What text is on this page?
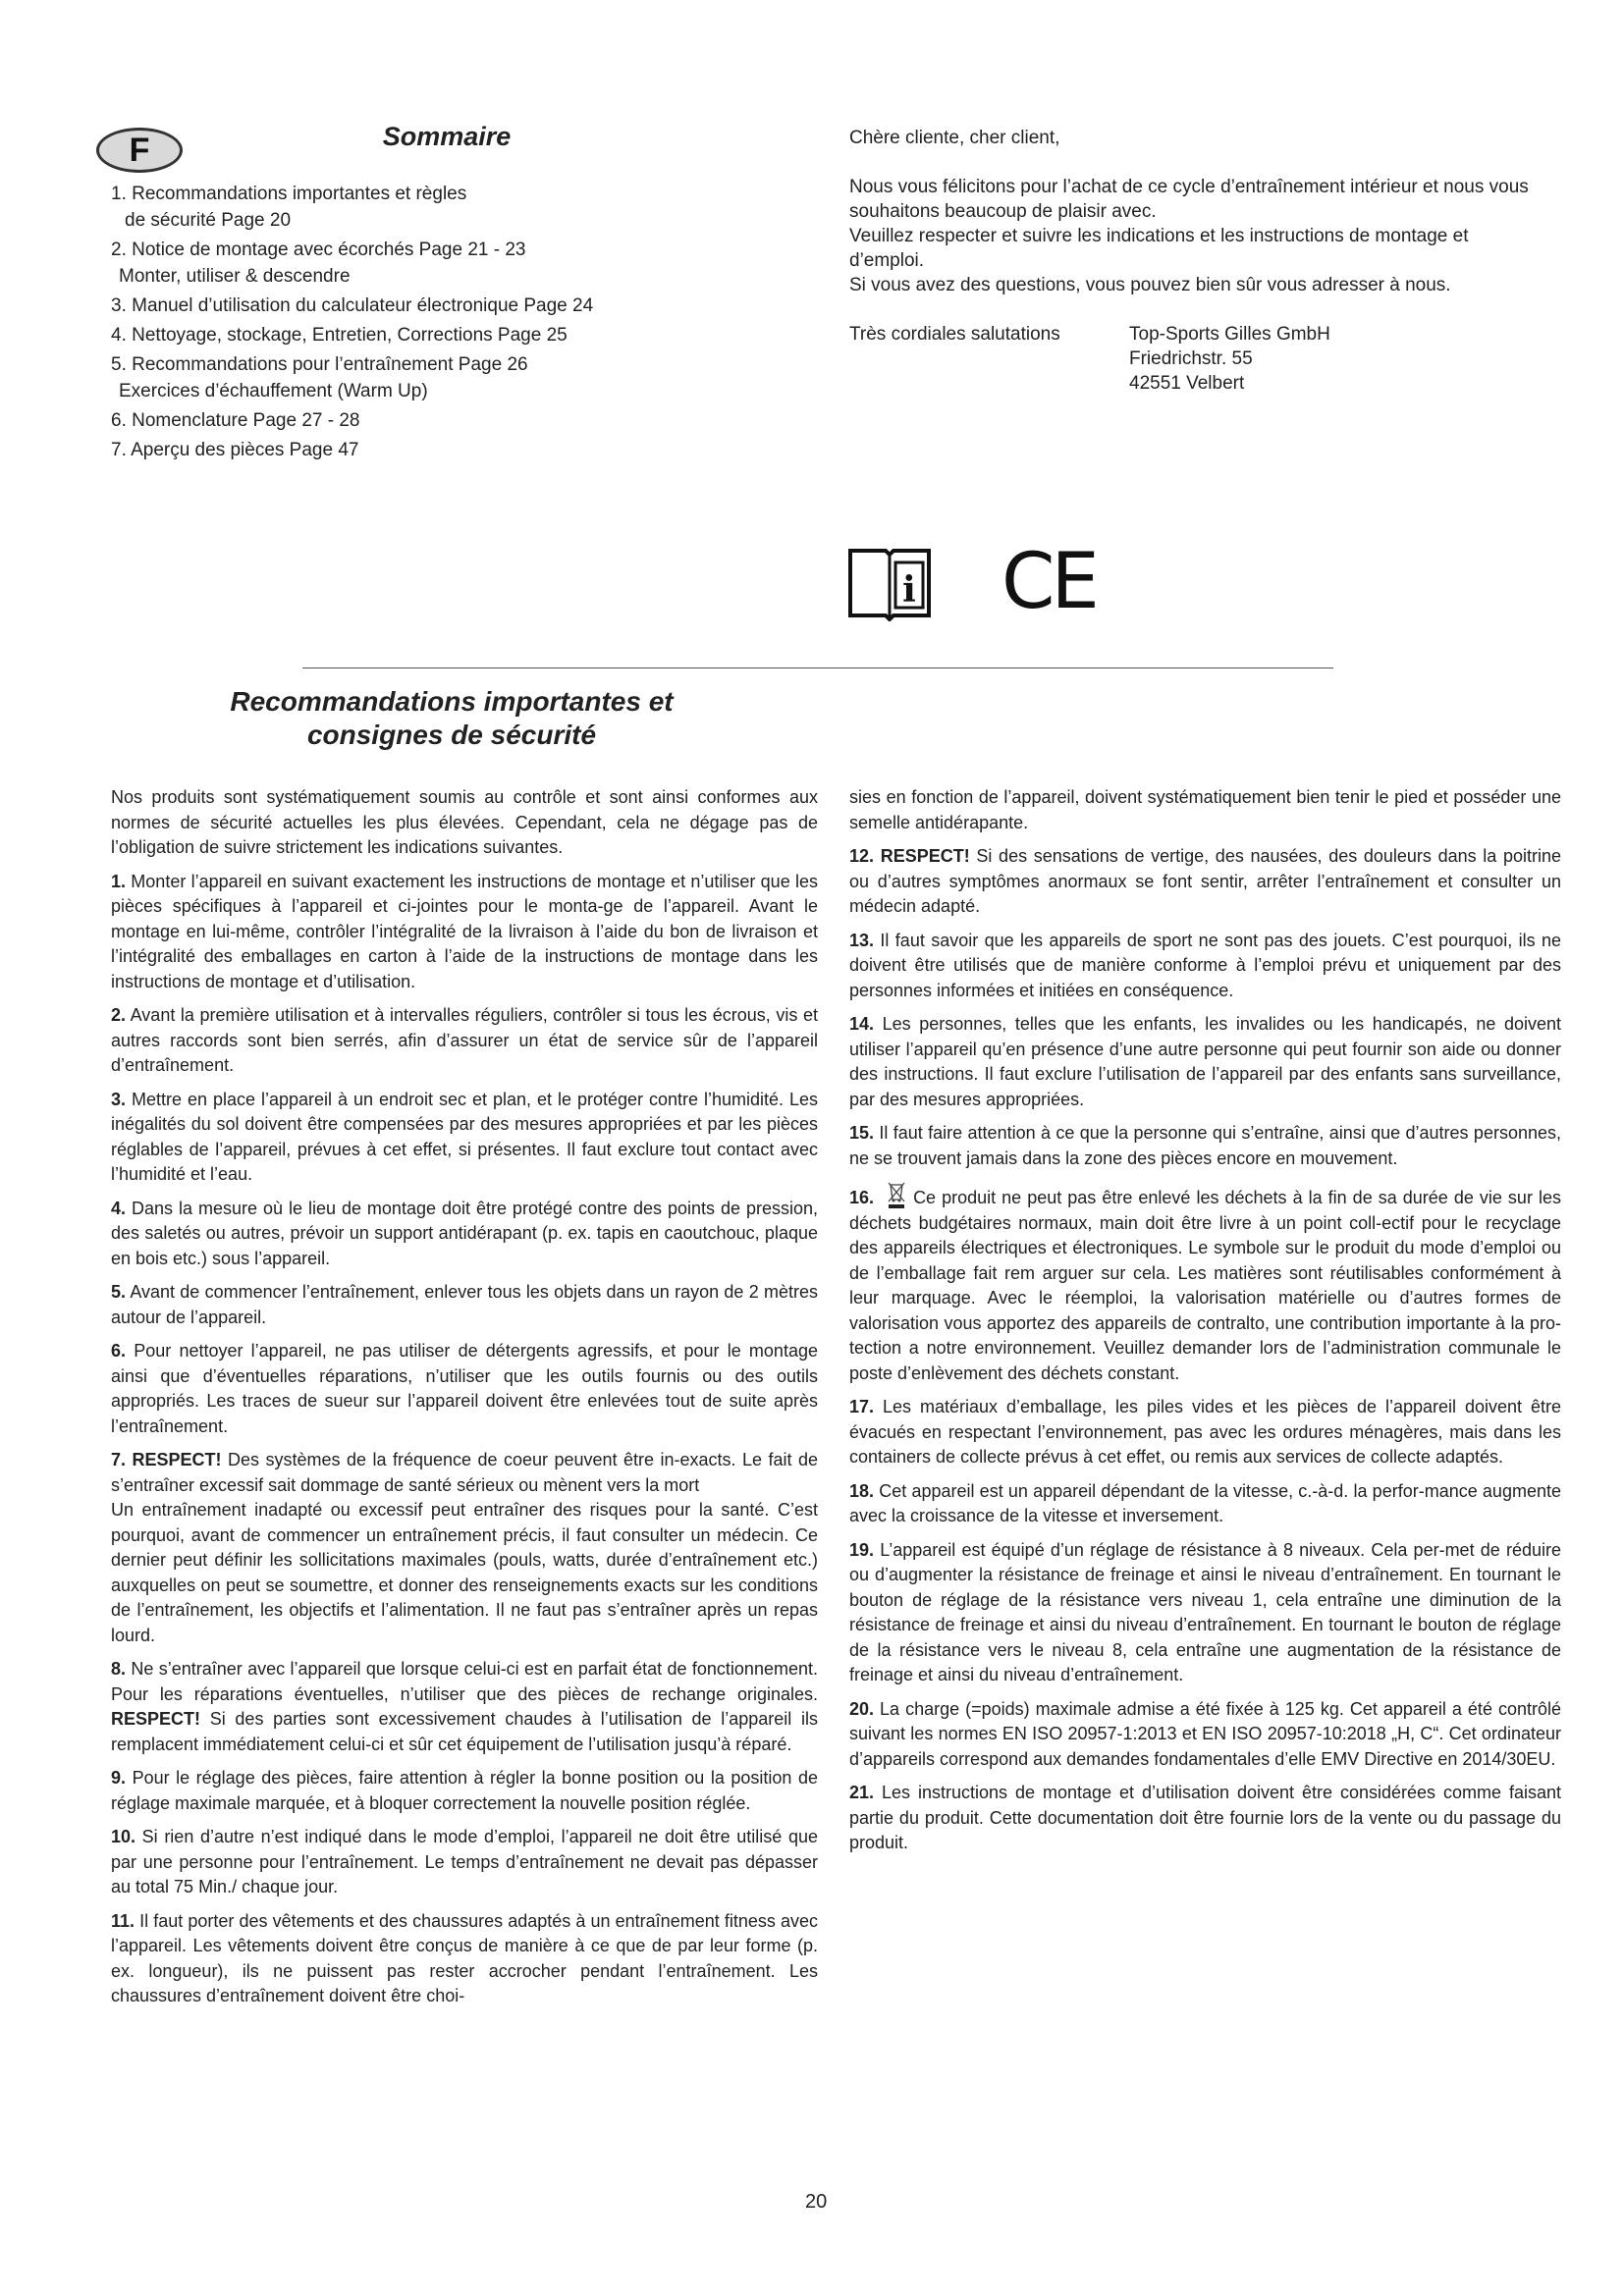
F	Sommaire
1. Recommandations importantes et règles
de sécurité Page 20
2. Notice de montage avec écorchés Page 21 - 23
Monter, utiliser & descendre
3. Manuel d’utilisation du calculateur électronique Page 24
4. Nettoyage, stockage, Entretien, Corrections Page 25
5. Recommandations pour l’entraînement Page 26
Exercices d’échauffement (Warm Up)
6. Nomenclature Page 27 - 28
7. Aperçu des pièces Page 47

Chère cliente, cher client,

Nous vous félicitons pour l’achat de ce cycle d’entraînement intérieur et nous vous souhaitons beaucoup de plaisir avec.
Veuillez respecter et suivre les indications et les instructions de montage et d’emploi.

Si vous avez des questions, vous pouvez bien sûr vous adresser à nous.

Très cordiales salutations	Top-Sports Gilles GmbH
Friedrichstr. 55
42551 Velbert
i CE
Recommandations importantes et
consignes de sécurité

Nos produits sont systématiquement soumis au contrôle et sont ainsi conformes aux normes de sécurité actuelles les plus élevées. Cependant, cela ne dégage pas de l’obligation de suivre strictement les indications suivantes.

1. Monter l’appareil en suivant exactement les instructions de montage et n’utiliser que les pièces spécifiques à l’appareil et ci-jointes pour le monta-ge de l’appareil. Avant le montage en lui-même, contrôler l’intégralité de la livraison à l’aide du bon de livraison et l’intégralité des emballages en carton à l’aide de la instructions de montage dans les instructions de montage et d’utilisation.

2. Avant la première utilisation et à intervalles réguliers, contrôler si tous les écrous, vis et autres raccords sont bien serrés, afin d’assurer un état de service sûr de l’appareil d’entraînement.

3. Mettre en place l’appareil à un endroit sec et plan, et le protéger contre l’humidité. Les inégalités du sol doivent être compensées par des mesures appropriées et par les pièces réglables de l’appareil, prévues à cet effet, si présentes. Il faut exclure tout contact avec l’humidité et l’eau.

4. Dans la mesure où le lieu de montage doit être protégé contre des points de pression, des saletés ou autres, prévoir un support antidérapant (p. ex. tapis en caoutchouc, plaque en bois etc.) sous l’appareil.

5. Avant de commencer l’entraînement, enlever tous les objets dans un rayon de 2 mètres autour de l’appareil.

6. Pour nettoyer l’appareil, ne pas utiliser de détergents agressifs, et pour le montage ainsi que d’éventuelles réparations, n’utiliser que les outils fournis ou des outils appropriés. Les traces de sueur sur l’appareil doivent être enlevées tout de suite après l’entraînement.

7. RESPECT! Des systèmes de la fréquence de coeur peuvent être in-exacts. Le fait de s’entraîner excessif sait dommage de santé sérieux ou mènent vers la mort
Un entraînement inadapté ou excessif peut entraîner des risques pour la santé. C’est pourquoi, avant de commencer un entraînement précis, il faut consulter un médecin. Ce dernier peut définir les sollicitations maximales (pouls, watts, durée d’entraînement etc.) auxquelles on peut se soumettre, et donner des renseignements exacts sur les conditions de l’entraînement, les objectifs et l’alimentation. Il ne faut pas s’entraîner après un repas lourd.

8. Ne s’entraîner avec l’appareil que lorsque celui-ci est en parfait état de fonctionnement. Pour les réparations éventuelles, n’utiliser que des pièces de rechange originales. RESPECT! Si des parties sont excessivement chaudes à l’utilisation de l’appareil ils remplacent immédiatement celui-ci et sûr cet équipement de l’utilisation jusqu’à réparé.

9. Pour le réglage des pièces, faire attention à régler la bonne position ou la position de réglage maximale marquée, et à bloquer correctement la nouvelle position réglée.

10. Si rien d’autre n’est indiqué dans le mode d’emploi, l’appareil ne doit être utilisé que par une personne pour l’entraînement. Le temps d’entraînement ne devait pas dépasser au total 75 Min./ chaque jour.

11. Il faut porter des vêtements et des chaussures adaptés à un entraînement fitness avec l’appareil. Les vêtements doivent être conçus de manière à ce que de par leur forme (p. ex. longueur), ils ne puissent pas rester accrocher pendant l’entraînement. Les chaussures d’entraînement doivent être choi-

sies en fonction de l’appareil, doivent systématiquement bien tenir le pied et posséder une semelle antidérapante.

12. RESPECT! Si des sensations de vertige, des nausées, des douleurs dans la poitrine ou d’autres symptômes anormaux se font sentir, arrêter l’entraînement et consulter un médecin adapté.

13. Il faut savoir que les appareils de sport ne sont pas des jouets. C’est pourquoi, ils ne doivent être utilisés que de manière conforme à l’emploi prévu et uniquement par des personnes informées et initiées en conséquence.

14. Les personnes, telles que les enfants, les invalides ou les handicapés, ne doivent utiliser l’appareil qu’en présence d’une autre personne qui peut fournir son aide ou donner des instructions. Il faut exclure l’utilisation de l’appareil par des enfants sans surveillance, par des mesures appropriées.

15. Il faut faire attention à ce que la personne qui s’entraîne, ainsi que d’autres personnes, ne se trouvent jamais dans la zone des pièces encore en mouvement.

16. Ce produit ne peut pas être enlevé les déchets à la fin de sa durée de vie sur les déchets budgétaires normaux, main doit être livre à un point coll-ectif pour le recyclage des appareils électriques et électroniques. Le symbole sur le produit du mode d’emploi ou de l’emballage fait rem arguer sur cela. Les matières sont réutilisables conformément à leur marquage. Avec le réemploi, la valorisation matérielle ou d’autres formes de valorisation vous apportez des appareils de contralto, une contribution importante à la pro-tection a notre environnement. Veuillez demander lors de l’administration communale le poste d’enlèvement des déchets constant.

17. Les matériaux d’emballage, les piles vides et les pièces de l’appareil doivent être évacués en respectant l’environnement, pas avec les ordures ménagères, mais dans les containers de collecte prévus à cet effet, ou remis aux services de collecte adaptés.

18. Cet appareil est un appareil dépendant de la vitesse, c.-à-d. la perfor-mance augmente avec la croissance de la vitesse et inversement.

19. L’appareil est équipé d’un réglage de résistance à 8 niveaux. Cela per-met de réduire ou d’augmenter la résistance de freinage et ainsi le niveau d’entraînement. En tournant le bouton de réglage de la résistance vers niveau 1, cela entraîne une diminution de la résistance de freinage et ainsi du niveau d’entraînement. En tournant le bouton de réglage de la résistance vers le niveau 8, cela entraîne une augmentation de la résistance de freinage et ainsi du niveau d’entraînement.

20. La charge (=poids) maximale admise a été fixée à 125 kg. Cet appareil a été contrôlé suivant les normes EN ISO 20957-1:2013 et EN ISO 20957-10:2018 „H, C“. Cet ordinateur d’appareils correspond aux demandes fondamentales d’elle EMV Directive en 2014/30EU.

21. Les instructions de montage et d’utilisation doivent être considérées comme faisant partie du produit. Cette documentation doit être fournie lors de la vente ou du passage du produit.

20
